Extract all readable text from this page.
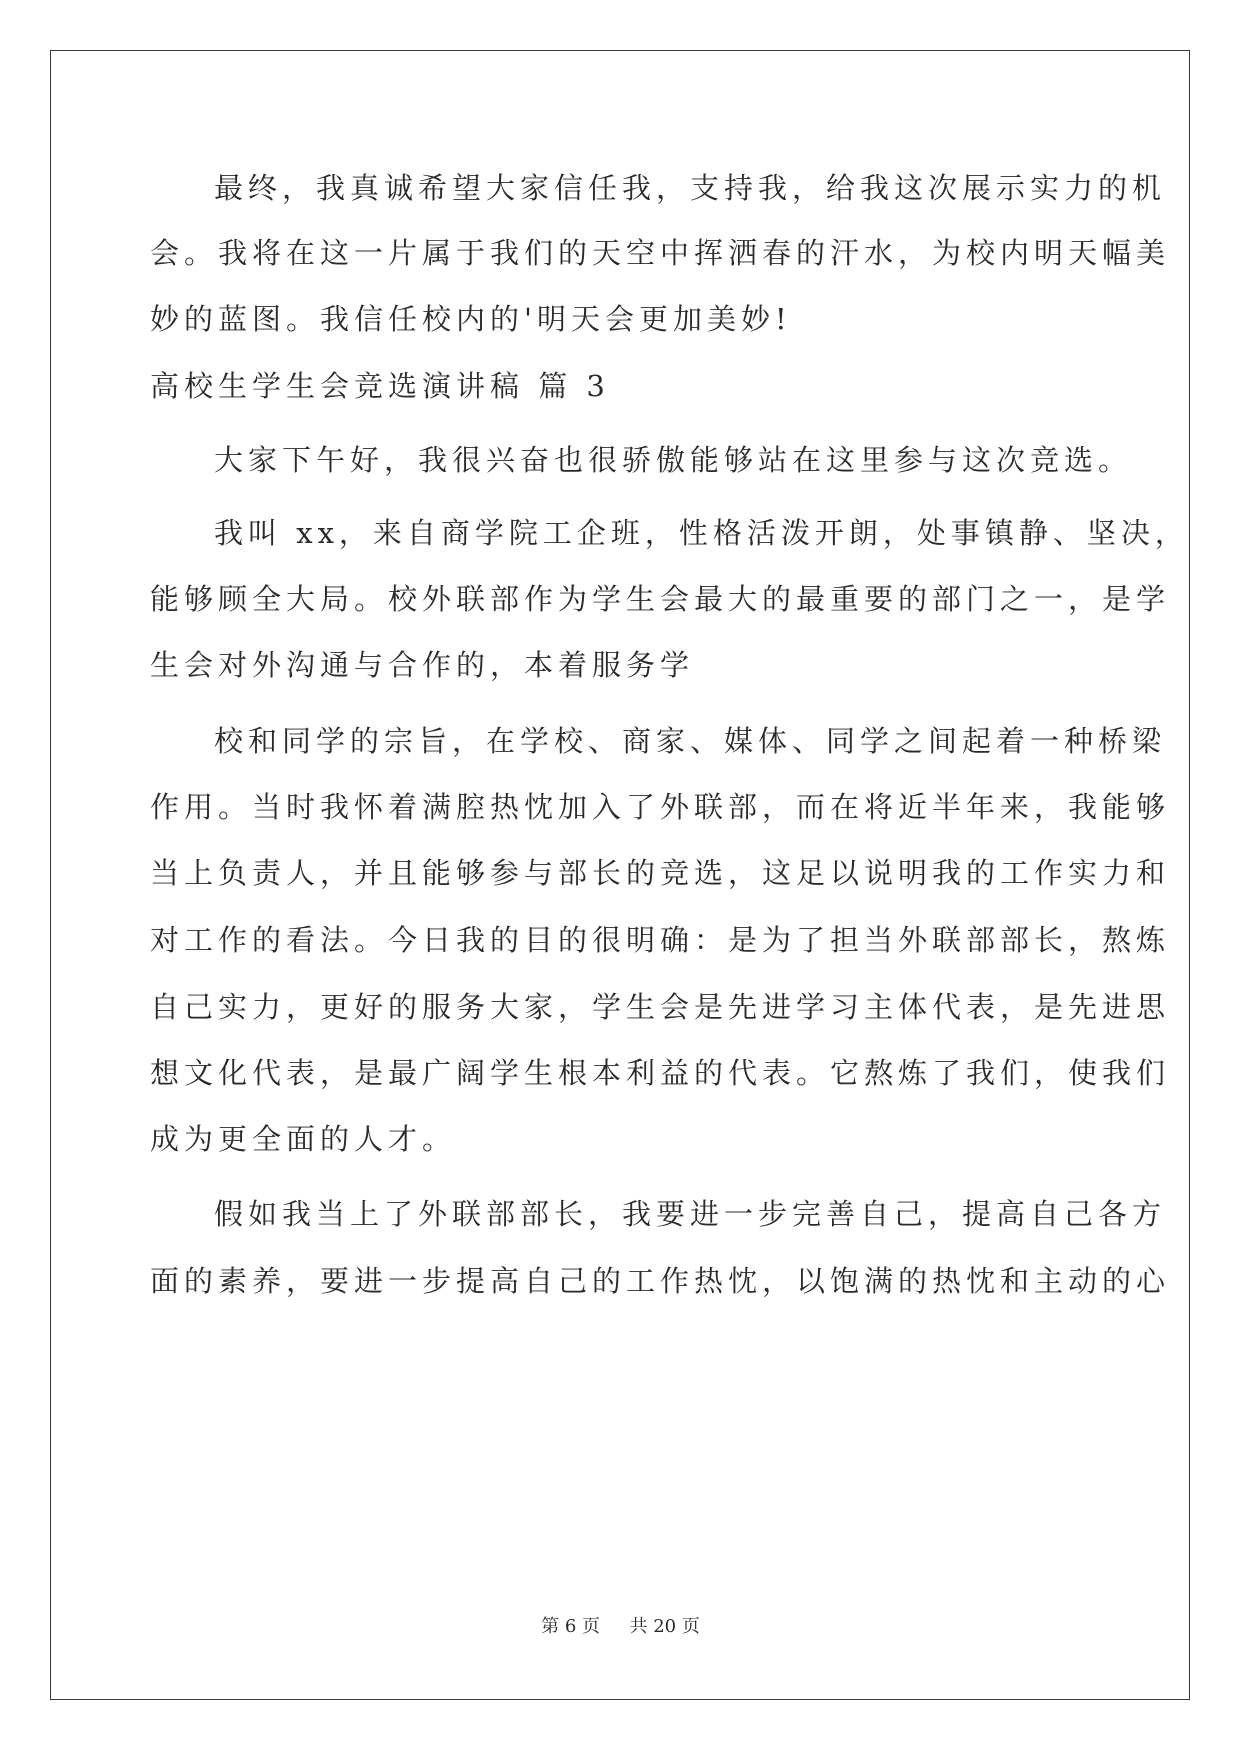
最终，我真诚希望大家信任我，支持我，给我这次展示实力的机
会。我将在这一片属于我们的天空中挥洒春的汗水，为校内明天幅美
妙的蓝图。我信任校内的'明天会更加美妙!
高校生学生会竞选演讲稿 篇 3
大家下午好，我很兴奋也很骄傲能够站在这里参与这次竞选。
我叫 xx，来自商学院工企班，性格活泼开朗，处事镇静、坚决，
能够顾全大局。校外联部作为学生会最大的最重要的部门之一，是学
生会对外沟通与合作的，本着服务学
校和同学的宗旨，在学校、商家、媒体、同学之间起着一种桥梁
作用。当时我怀着满腔热忱加入了外联部，而在将近半年来，我能够
当上负责人，并且能够参与部长的竞选，这足以说明我的工作实力和
对工作的看法。今日我的目的很明确：是为了担当外联部部长，熬炼
自己实力，更好的服务大家，学生会是先进学习主体代表，是先进思
想文化代表，是最广阔学生根本利益的代表。它熬炼了我们，使我们
成为更全面的人才。
假如我当上了外联部部长，我要进一步完善自己，提高自己各方
面的素养，要进一步提高自己的工作热忱，以饱满的热忱和主动的心
第 6 页 共 20 页
